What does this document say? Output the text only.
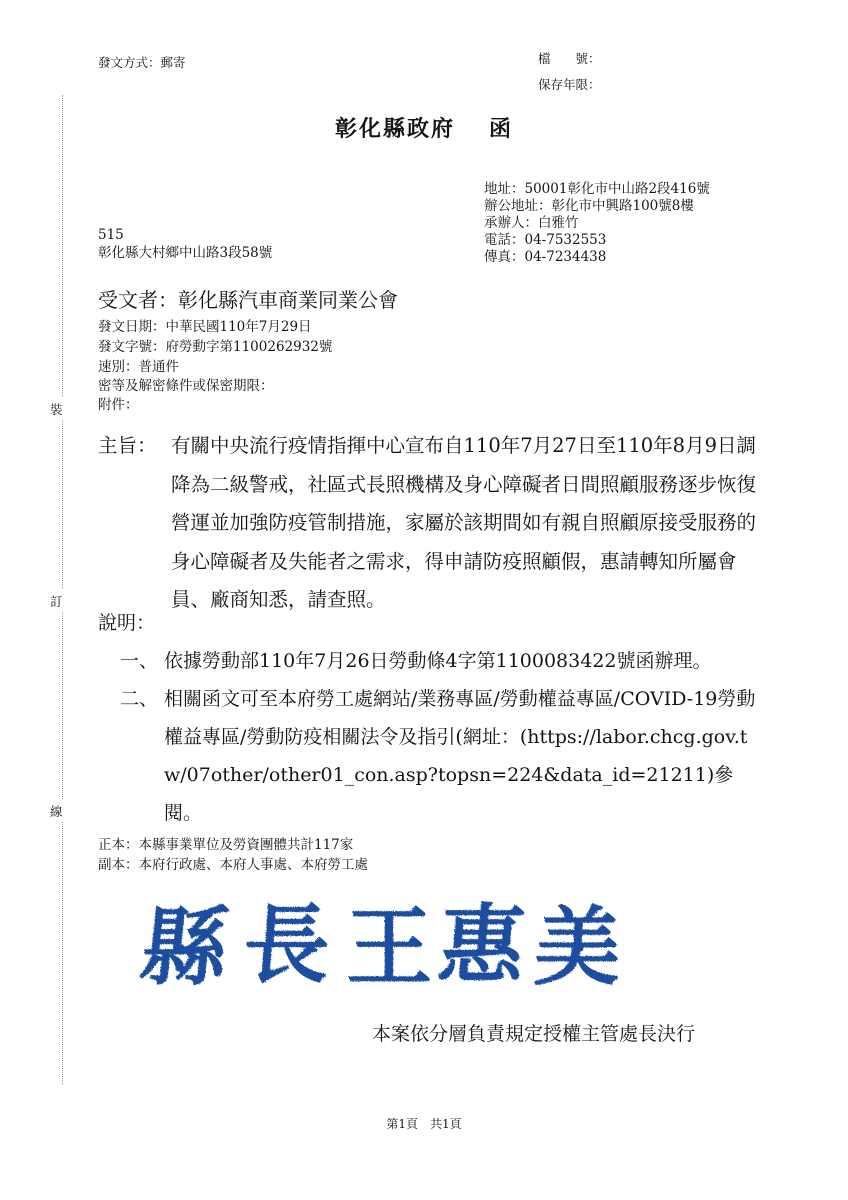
裝
訂
線
發文方式：郵寄	檔　　號：
保存年限：
彰化縣政府 函
地址：50001彰化市中山路2段416號
辦公地址：彰化市中興路100號8樓
承辦人：白雅竹
電話：04-7532553
傳真：04-7234438
515
彰化縣大村鄉中山路3段58號
受文者：彰化縣汽車商業同業公會
發文日期：中華民國110年7月29日
發文字號：府勞動字第1100262932號
速別：普通件
密等及解密條件或保密期限：
附件：
主旨： 有關中央流行疫情指揮中心宣布自110年7月27日至110年8月9日調降為二級警戒，社區式長照機構及身心障礙者日間照顧服務逐步恢復營運並加強防疫管制措施，家屬於該期間如有親自照顧原接受服務的身心障礙者及失能者之需求，得申請防疫照顧假，惠請轉知所屬會員、廠商知悉，請查照。
說明：
一、 依據勞動部110年7月26日勞動條4字第1100083422號函辦理。
二、 相關函文可至本府勞工處網站/業務專區/勞動權益專區/COVID-19勞動權益專區/勞動防疫相關法令及指引(網址：(https://labor.chcg.gov.tw/07other/other01_con.asp?topsn=224&data_id=21211)參閱。
正本：本縣事業單位及勞資團體共計117家
副本：本府行政處、本府人事處、本府勞工處
縣 長 王 惠 美
本案依分層負責規定授權主管處長決行
第1頁　共1頁
